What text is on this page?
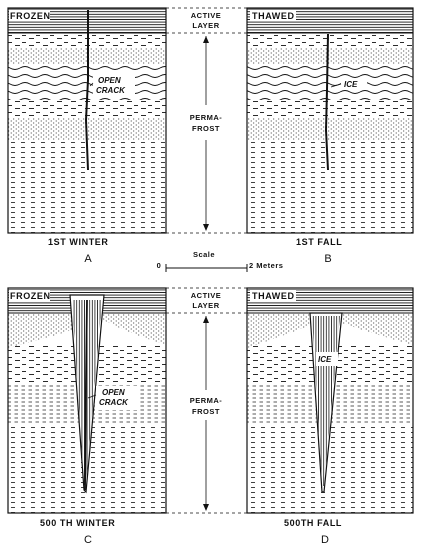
FROZEN
OPEN
CRACK
THAWED
ICE
ACTIVE
LAYER
PERMA-
FROST
1ST WINTER
A
1ST FALL
B
Scale
0	2 Meters
FROZEN
OPEN
CRACK
THAWED
ICE
ACTIVE
LAYER
PERMA-
FROST
500 TH WINTER
C
500TH FALL
D
